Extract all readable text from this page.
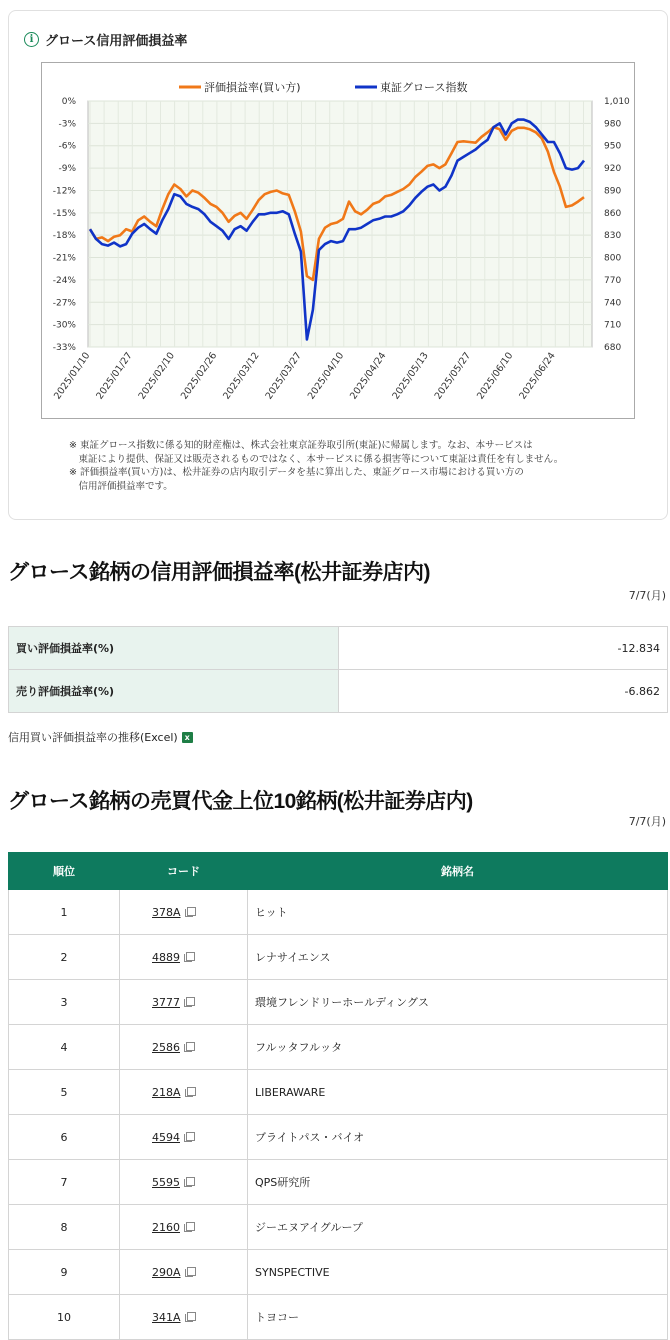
i グロース信用評価損益率
0%
-3%
-6%
-9%
-12%
-15%
-18%
-21%
-24%
-27%
-30%
-33%
1,010
980
950
920
890
860
830
800
770
740
710
680
2025/01/10 2025/01/27 2025/02/10 2025/02/26 2025/03/12 2025/03/27 2025/04/10 2025/04/24 2025/05/13 2025/05/27 2025/06/10 2025/06/24
評価損益率(買い方)	東証グロース指数
※ 東証グロース指数に係る知的財産権は、株式会社東京証券取引所(東証)に帰属します。なお、本サービスは
　東証により提供、保証又は販売されるものではなく、本サービスに係る損害等について東証は責任を有しません。
※ 評価損益率(買い方)は、松井証券の店内取引データを基に算出した、東証グロース市場における買い方の
　信用評価損益率です。
グロース銘柄の信用評価損益率(松井証券店内)
7/7(月)
買い評価損益率(%)	-12.834
売り評価損益率(%)	-6.862
信用買い評価損益率の推移(Excel) x
グロース銘柄の売買代金上位10銘柄(松井証券店内)
7/7(月)
順位	コード	銘柄名
1	378A	ヒット
2	4889	レナサイエンス
3	3777	環境フレンドリーホールディングス
4	2586	フルッタフルッタ
5	218A	LIBERAWARE
6	4594	ブライトパス・バイオ
7	5595	QPS研究所
8	2160	ジーエヌアイグループ
9	290A	SYNSPECTIVE
10	341A	トヨコー
